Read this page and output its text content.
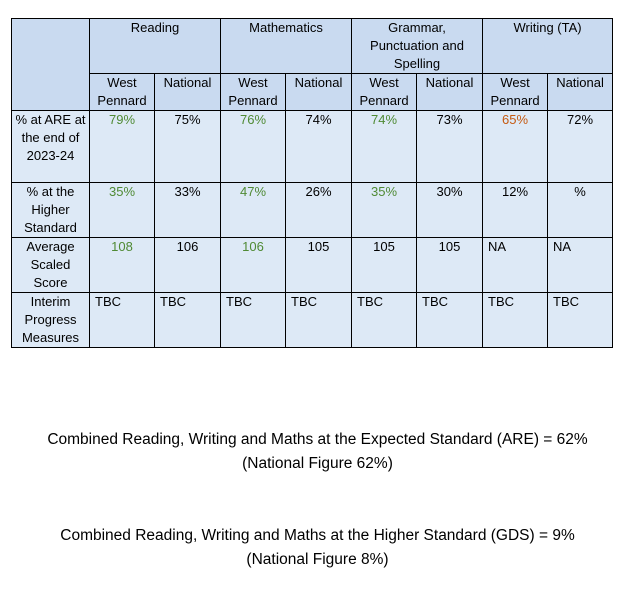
	Reading		Mathematics		Grammar, Punctuation and Spelling		Writing (TA)	
	West Pennard	National	West Pennard	National	West Pennard	National	West Pennard	National
% at ARE at the end of 2023-24	79%	75%	76%	74%	74%	73%	65%	72%
% at the Higher Standard	35%	33%	47%	26%	35%	30%	12%	%
Average Scaled Score	108	106	106	105	105	105	NA	NA
Interim Progress Measures	TBC	TBC	TBC	TBC	TBC	TBC	TBC	TBC
Combined Reading, Writing and Maths at the Expected Standard (ARE) = 62%
(National Figure 62%)
Combined Reading, Writing and Maths at the Higher Standard (GDS) = 9%
(National Figure 8%)
